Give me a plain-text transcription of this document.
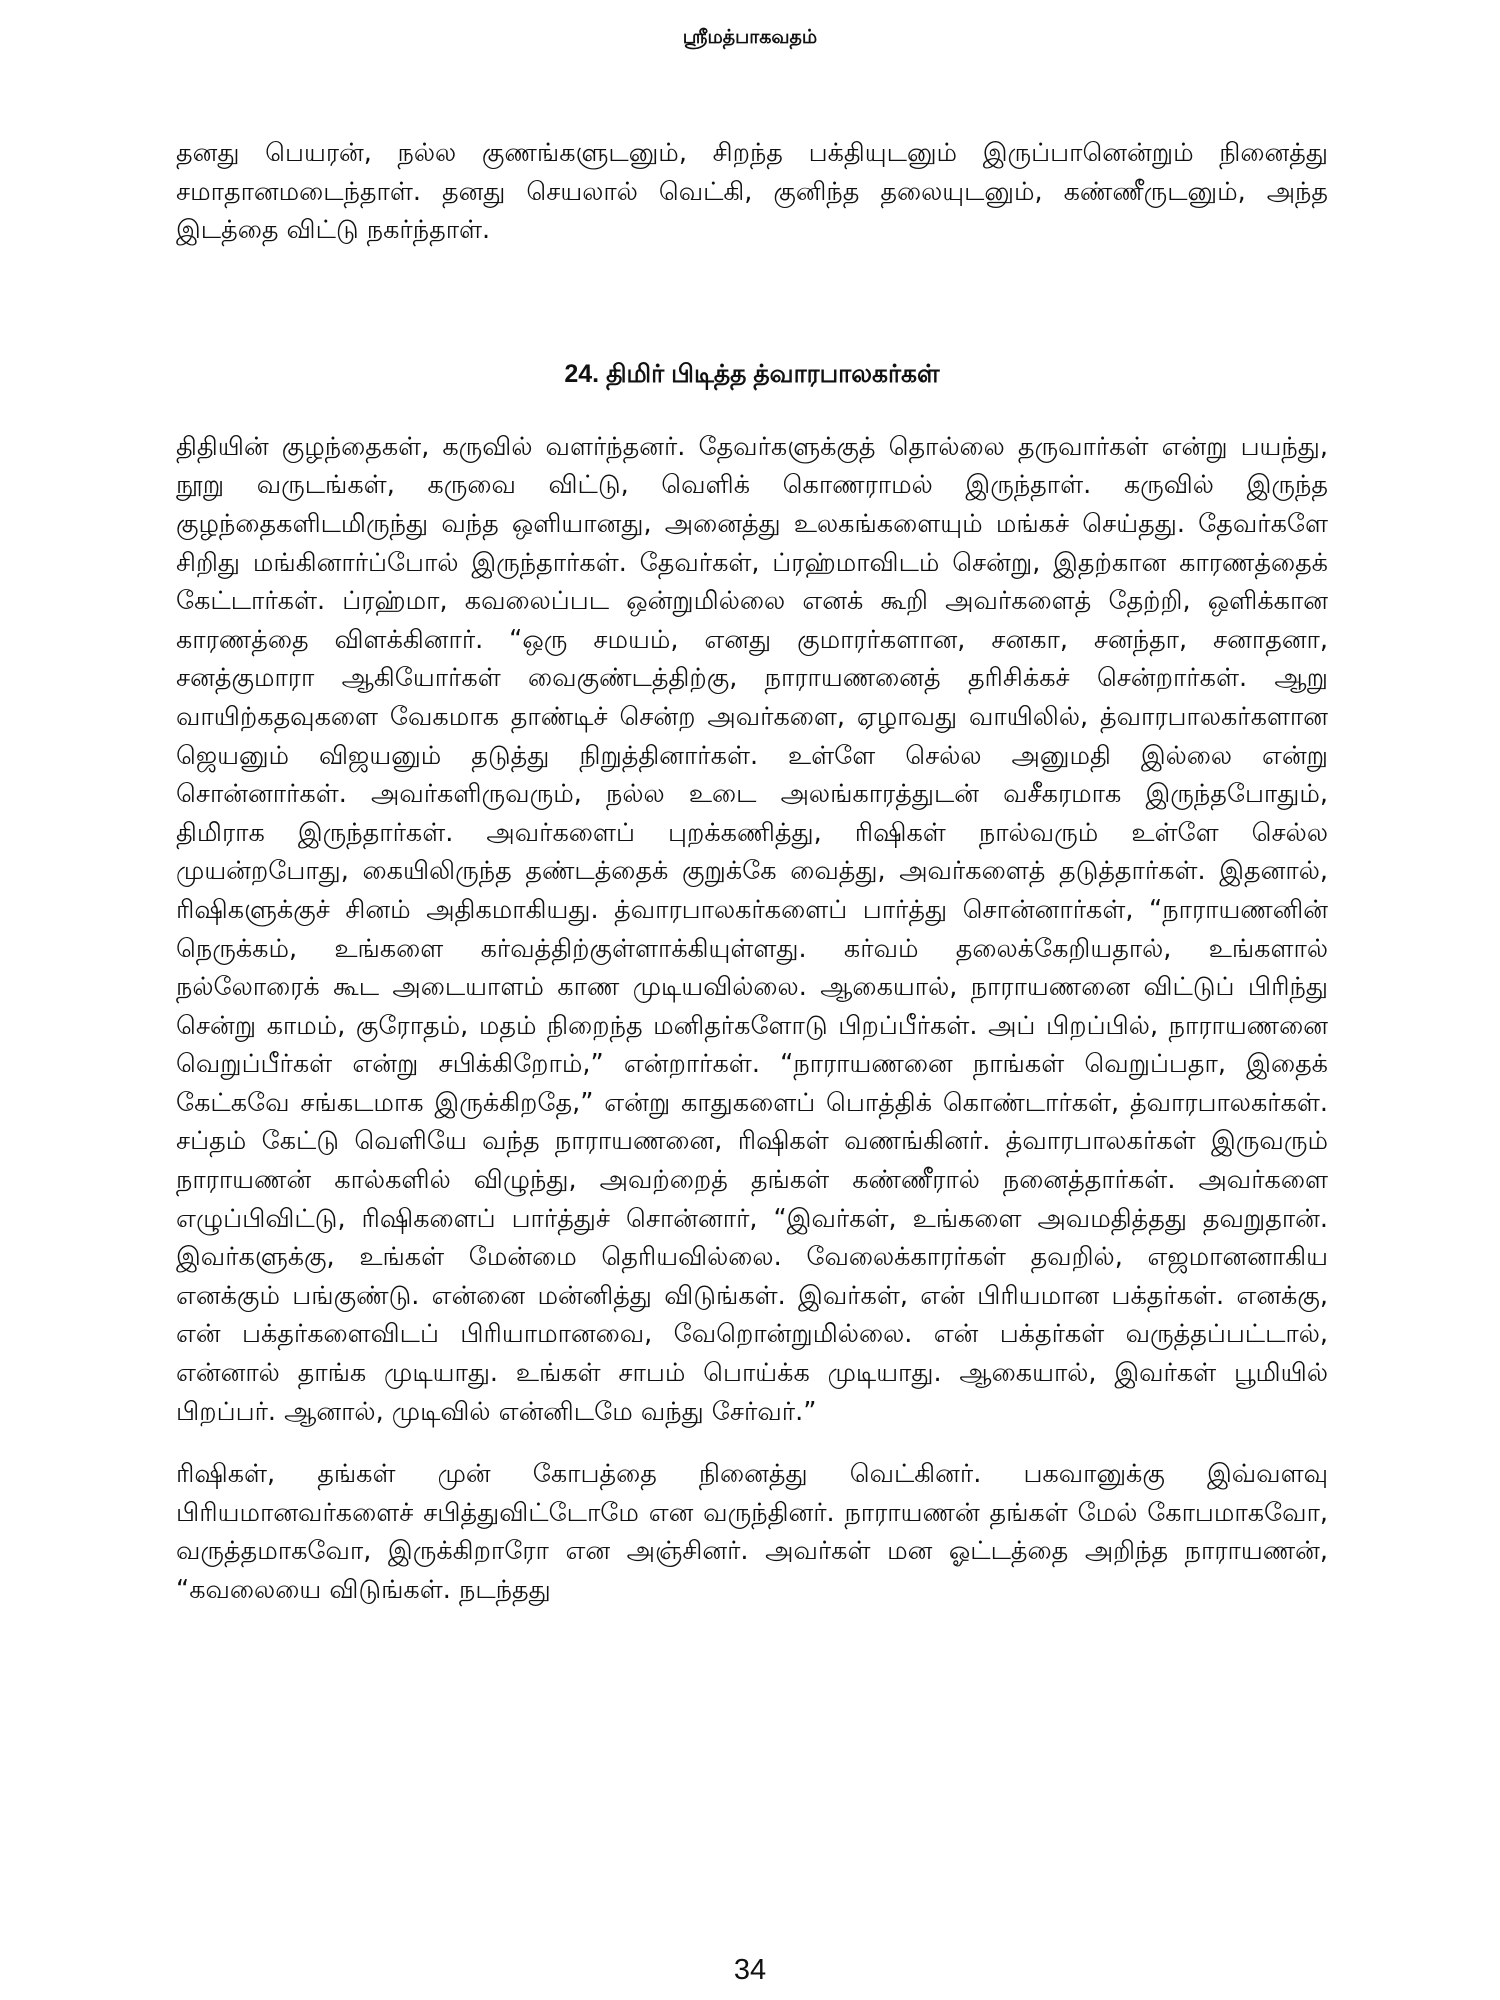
ஸ்ரீமத்பாகவதம்

தனது பெயரன், நல்ல குணங்களுடனும், சிறந்த பக்தியுடனும் இருப்பானென்றும் நினைத்து சமாதானமடைந்தாள். தனது செயலால் வெட்கி, குனிந்த தலையுடனும், கண்ணீருடனும், அந்த இடத்தை விட்டு நகர்ந்தாள்.

24. திமிர் பிடித்த த்வாரபாலகர்கள்

திதியின் குழந்தைகள், கருவில் வளர்ந்தனர். தேவர்களுக்குத் தொல்லை தருவார்கள் என்று பயந்து, நூறு வருடங்கள், கருவை விட்டு, வெளிக் கொணராமல் இருந்தாள். கருவில் இருந்த குழந்தைகளிடமிருந்து வந்த ஒளியானது, அனைத்து உலகங்களையும் மங்கச் செய்தது. தேவர்களே சிறிது மங்கினார்ப்போல் இருந்தார்கள். தேவர்கள், ப்ரஹ்மாவிடம் சென்று, இதற்கான காரணத்தைக் கேட்டார்கள். ப்ரஹ்மா, கவலைப்பட ஒன்றுமில்லை எனக் கூறி அவர்களைத் தேற்றி, ஒளிக்கான காரணத்தை விளக்கினார். “ஒரு சமயம், எனது குமாரர்களான, சனகா, சனந்தா, சனாதனா, சனத்குமாரா ஆகியோர்கள் வைகுண்டத்திற்கு, நாராயணனைத் தரிசிக்கச் சென்றார்கள். ஆறு வாயிற்கதவுகளை வேகமாக தாண்டிச் சென்ற அவர்களை, ஏழாவது வாயிலில், த்வாரபாலகர்களான ஜெயனும் விஜயனும் தடுத்து நிறுத்தினார்கள். உள்ளே செல்ல அனுமதி இல்லை என்று சொன்னார்கள். அவர்களிருவரும், நல்ல உடை அலங்காரத்துடன் வசீகரமாக இருந்தபோதும், திமிராக இருந்தார்கள். அவர்களைப் புறக்கணித்து, ரிஷிகள் நால்வரும் உள்ளே செல்ல முயன்றபோது, கையிலிருந்த தண்டத்தைக் குறுக்கே வைத்து, அவர்களைத் தடுத்தார்கள். இதனால், ரிஷிகளுக்குச் சினம் அதிகமாகியது. த்வாரபாலகர்களைப் பார்த்து சொன்னார்கள், “நாராயணனின் நெருக்கம், உங்களை கர்வத்திற்குள்ளாக்கியுள்ளது. கர்வம் தலைக்கேறியதால், உங்களால் நல்லோரைக் கூட அடையாளம் காண முடியவில்லை. ஆகையால், நாராயணனை விட்டுப் பிரிந்து சென்று காமம், குரோதம், மதம் நிறைந்த மனிதர்களோடு பிறப்பீர்கள். அப் பிறப்பில், நாராயணனை வெறுப்பீர்கள் என்று சபிக்கிறோம்,” என்றார்கள். “நாராயணனை நாங்கள் வெறுப்பதா, இதைக் கேட்கவே சங்கடமாக இருக்கிறதே,” என்று காதுகளைப் பொத்திக் கொண்டார்கள், த்வாரபாலகர்கள். சப்தம் கேட்டு வெளியே வந்த நாராயணனை, ரிஷிகள் வணங்கினர். த்வாரபாலகர்கள் இருவரும் நாராயணன் கால்களில் விழுந்து, அவற்றைத் தங்கள் கண்ணீரால் நனைத்தார்கள். அவர்களை எழுப்பிவிட்டு, ரிஷிகளைப் பார்த்துச் சொன்னார், “இவர்கள், உங்களை அவமதித்தது தவறுதான். இவர்களுக்கு, உங்கள் மேன்மை தெரியவில்லை. வேலைக்காரர்கள் தவறில், எஜமானனாகிய எனக்கும் பங்குண்டு. என்னை மன்னித்து விடுங்கள். இவர்கள், என் பிரியமான பக்தர்கள். எனக்கு, என் பக்தர்களைவிடப் பிரியாமானவை, வேறொன்றுமில்லை. என் பக்தர்கள் வருத்தப்பட்டால், என்னால் தாங்க முடியாது. உங்கள் சாபம் பொய்க்க முடியாது. ஆகையால், இவர்கள் பூமியில் பிறப்பர். ஆனால், முடிவில் என்னிடமே வந்து சேர்வர்.”

ரிஷிகள், தங்கள் முன் கோபத்தை நினைத்து வெட்கினர். பகவானுக்கு இவ்வளவு பிரியமானவர்களைச் சபித்துவிட்டோமே என வருந்தினர். நாராயணன் தங்கள் மேல் கோபமாகவோ, வருத்தமாகவோ, இருக்கிறாரோ என அஞ்சினர். அவர்கள் மன ஓட்டத்தை அறிந்த நாராயணன், “கவலையை விடுங்கள். நடந்தது

34
